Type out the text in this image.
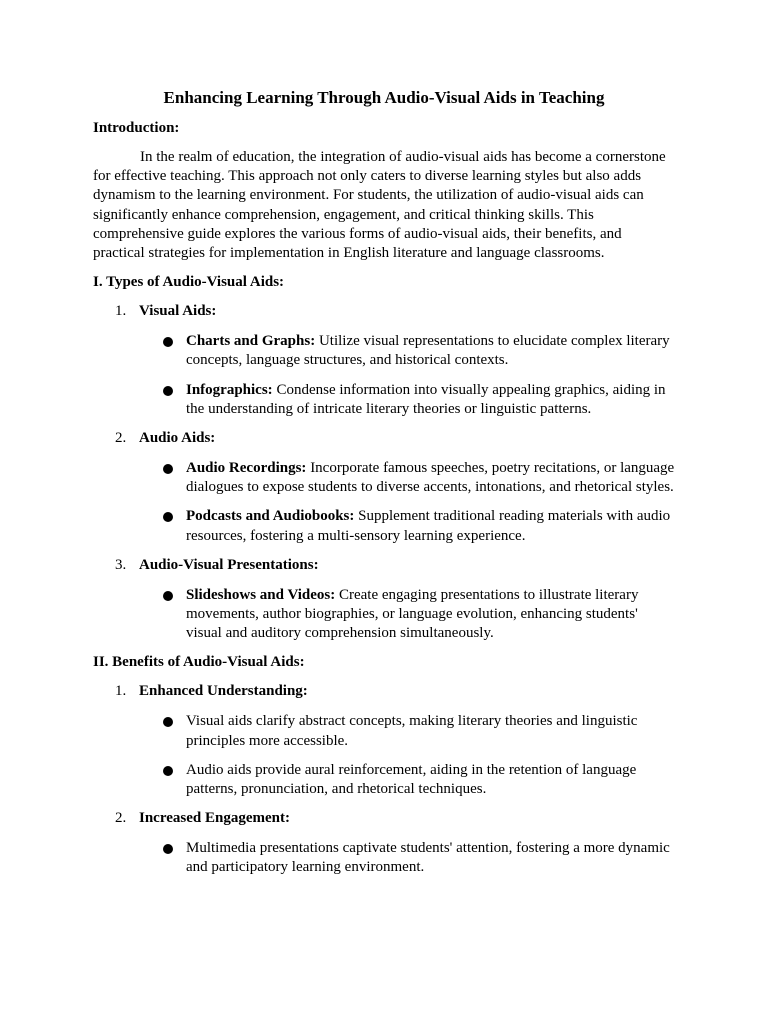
Enhancing Learning Through Audio-Visual Aids in Teaching

Introduction:

In the realm of education, the integration of audio-visual aids has become a cornerstone for effective teaching. This approach not only caters to diverse learning styles but also adds dynamism to the learning environment. For students, the utilization of audio-visual aids can significantly enhance comprehension, engagement, and critical thinking skills. This comprehensive guide explores the various forms of audio-visual aids, their benefits, and practical strategies for implementation in English literature and language classrooms.

I. Types of Audio-Visual Aids:

1. Visual Aids:
Charts and Graphs: Utilize visual representations to elucidate complex literary concepts, language structures, and historical contexts.
Infographics: Condense information into visually appealing graphics, aiding in the understanding of intricate literary theories or linguistic patterns.
2. Audio Aids:
Audio Recordings: Incorporate famous speeches, poetry recitations, or language dialogues to expose students to diverse accents, intonations, and rhetorical styles.
Podcasts and Audiobooks: Supplement traditional reading materials with audio resources, fostering a multi-sensory learning experience.
3. Audio-Visual Presentations:
Slideshows and Videos: Create engaging presentations to illustrate literary movements, author biographies, or language evolution, enhancing students' visual and auditory comprehension simultaneously.

II. Benefits of Audio-Visual Aids:

1. Enhanced Understanding:
Visual aids clarify abstract concepts, making literary theories and linguistic principles more accessible.
Audio aids provide aural reinforcement, aiding in the retention of language patterns, pronunciation, and rhetorical techniques.
2. Increased Engagement:
Multimedia presentations captivate students' attention, fostering a more dynamic and participatory learning environment.
